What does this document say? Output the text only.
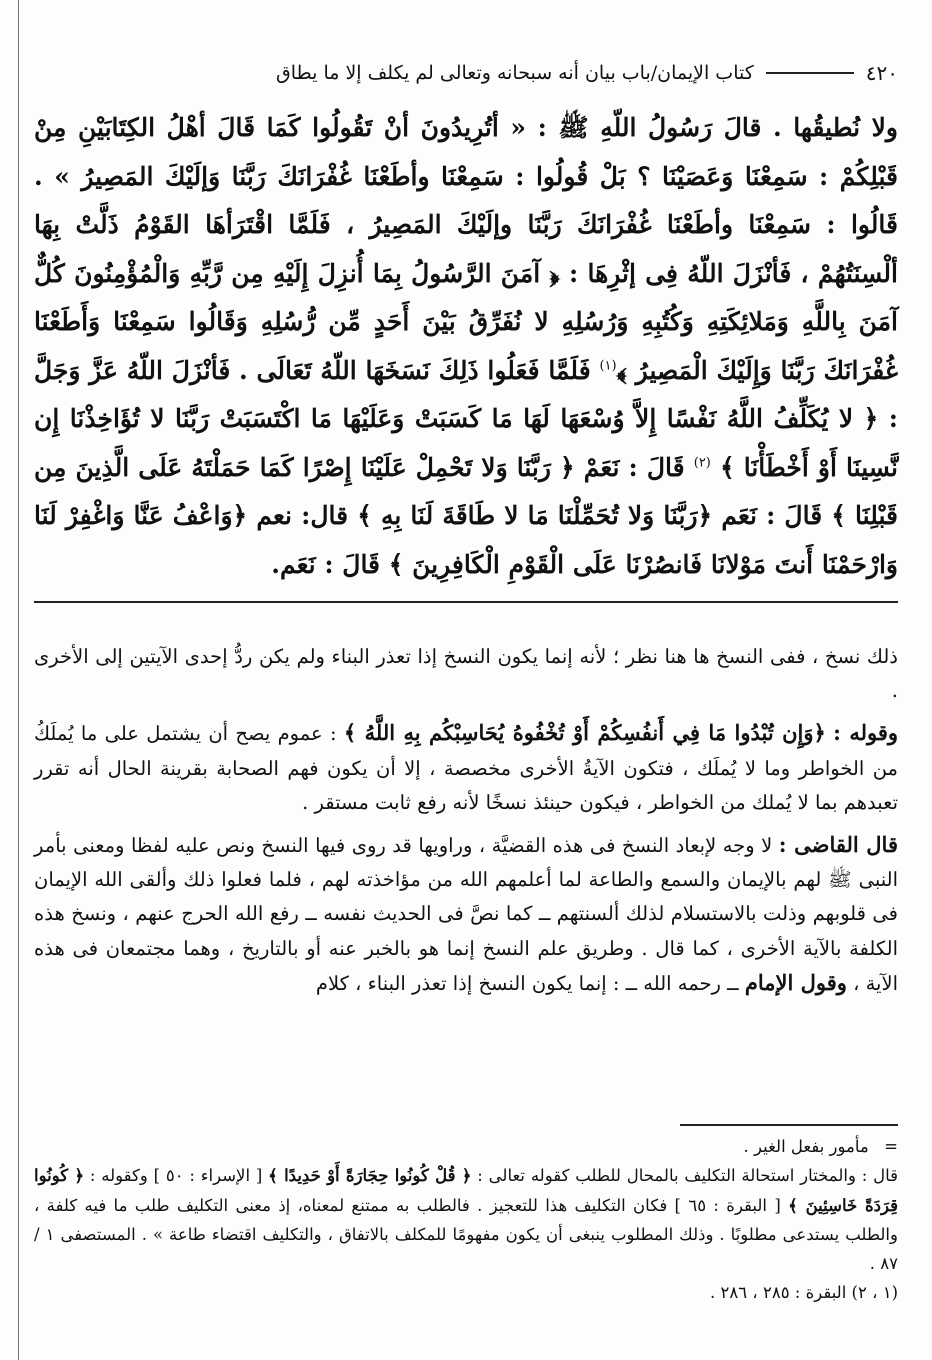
٤٢٠
كتاب الإيمان/باب بيان أنه سبحانه وتعالى لم يكلف إلا ما يطاق

ولا نُطيقُها . قالَ رَسُولُ اللّهِ ﷺ : « أتُرِيدُونَ أنْ تَقُولُوا كَمَا قَالَ أهْلُ الكِتَابَيْنِ مِنْ قَبْلِكُمْ : سَمِعْنَا وَعَصَيْنَا ؟ بَلْ قُولُوا : سَمِعْنَا وأطَعْنَا غُفْرَانَكَ رَبَّنَا وَإلَيْكَ المَصِيرُ » . قَالُوا : سَمِعْنَا وأطَعْنَا غُفْرَانَكَ رَبَّنَا وإلَيْكَ المَصِيرُ ، فَلَمَّا اقْتَرَأهَا القَوْمُ ذَلَّتْ بِهَا ألْسِنَتُهُمْ ، فَأنْزَلَ اللّهُ فِى إثْرِهَا : ﴿ آمَنَ الرَّسُولُ بِمَا أُنزِلَ إِلَيْهِ مِن رَّبِّهِ وَالْمُؤْمِنُونَ كُلٌّ آمَنَ بِاللَّهِ وَمَلائِكَتِهِ وَكُتُبِهِ وَرُسُلِهِ لا نُفَرِّقُ بَيْنَ أَحَدٍ مِّن رُّسُلِهِ وَقَالُوا سَمِعْنَا وَأَطَعْنَا غُفْرَانَكَ رَبَّنَا وَإِلَيْكَ الْمَصِيرُ ﴾$^{(١)}$ فَلَمَّا فَعَلُوا ذَلِكَ نَسَخَهَا اللّهُ تَعَالَى . فَأنْزَلَ اللّهُ عَزَّ وَجَلَّ : ﴿ لا يُكَلِّفُ اللَّهُ نَفْسًا إِلاَّ وُسْعَهَا لَهَا مَا كَسَبَتْ وَعَلَيْهَا مَا اكْتَسَبَتْ رَبَّنَا لا تُؤَاخِذْنَا إِن نَّسِينَا أَوْ أَخْطَأْنَا ﴾ $^{(٢)}$ قَالَ : نَعَمْ ﴿ رَبَّنَا وَلا تَحْمِلْ عَلَيْنَا إِصْرًا كَمَا حَمَلْتَهُ عَلَى الَّذِينَ مِن قَبْلِنَا ﴾ قَالَ : نَعَم ﴿رَبَّنَا وَلا تُحَمِّلْنَا مَا لا طَاقَةَ لَنَا بِهِ ﴾ قال: نعم ﴿وَاعْفُ عَنَّا وَاغْفِرْ لَنَا وَارْحَمْنَا أَنتَ مَوْلانَا فَانصُرْنَا عَلَى الْقَوْمِ الْكَافِرِينَ ﴾ قَالَ : نَعَم.

ذلك نسخ ، ففى النسخ ها هنا نظر ؛ لأنه إنما يكون النسخ إذا تعذر البناء ولم يكن ردُّ إحدى الآيتين إلى الأخرى .

وقوله : ﴿وَإِن تُبْدُوا مَا فِي أَنفُسِكُمْ أَوْ تُخْفُوهُ يُحَاسِبْكُم بِهِ اللَّهُ ﴾ : عموم يصح أن يشتمل على ما يُملَكُ من الخواطر وما لا يُملَك ، فتكون الآيةُ الأخرى مخصصة ، إلا أن يكون فهم الصحابة بقرينة الحال أنه تقرر تعبدهم بما لا يُملك من الخواطر ، فيكون حينئذ نسخًا لأنه رفع ثابت مستقر .

قال القاضى : لا وجه لإبعاد النسخ فى هذه القضيَّة ، وراويها قد روى فيها النسخ ونص عليه لفظا ومعنى بأمر النبى ﷺ لهم بالإيمان والسمع والطاعة لما أعلمهم الله من مؤاخذته لهم ، فلما فعلوا ذلك وألقى الله الإيمان فى قلوبهم وذلت بالاستسلام لذلك ألسنتهم ــ كما نصَّ فى الحديث نفسه ــ رفع الله الحرج عنهم ، ونسخ هذه الكلفة بالآية الأخرى ، كما قال . وطريق علم النسخ إنما هو بالخبر عنه أو بالتاريخ ، وهما مجتمعان فى هذه الآية ، وقول الإمام ــ رحمه الله ــ : إنما يكون النسخ إذا تعذر البناء ، كلام

= مأمور بفعل الغير .

قال : والمختار استحالة التكليف بالمحال للطلب كقوله تعالى : ﴿ قُلْ كُونُوا حِجَارَةً أَوْ حَدِيدًا ﴾ [ الإسراء : ٥٠ ] وكقوله : ﴿ كُونُوا قِرَدَةً خَاسِئِينَ ﴾ [ البقرة : ٦٥ ] فكان التكليف هذا للتعجيز . فالطلب به ممتنع لمعناه، إذ معنى التكليف طلب ما فيه كلفة ، والطلب يستدعى مطلوبًا . وذلك المطلوب ينبغى أن يكون مفهومًا للمكلف بالاتفاق ، والتكليف اقتضاء طاعة » . المستصفى ١ / ٨٧ .

(١ ، ٢) البقرة : ٢٨٥ ، ٢٨٦ .
